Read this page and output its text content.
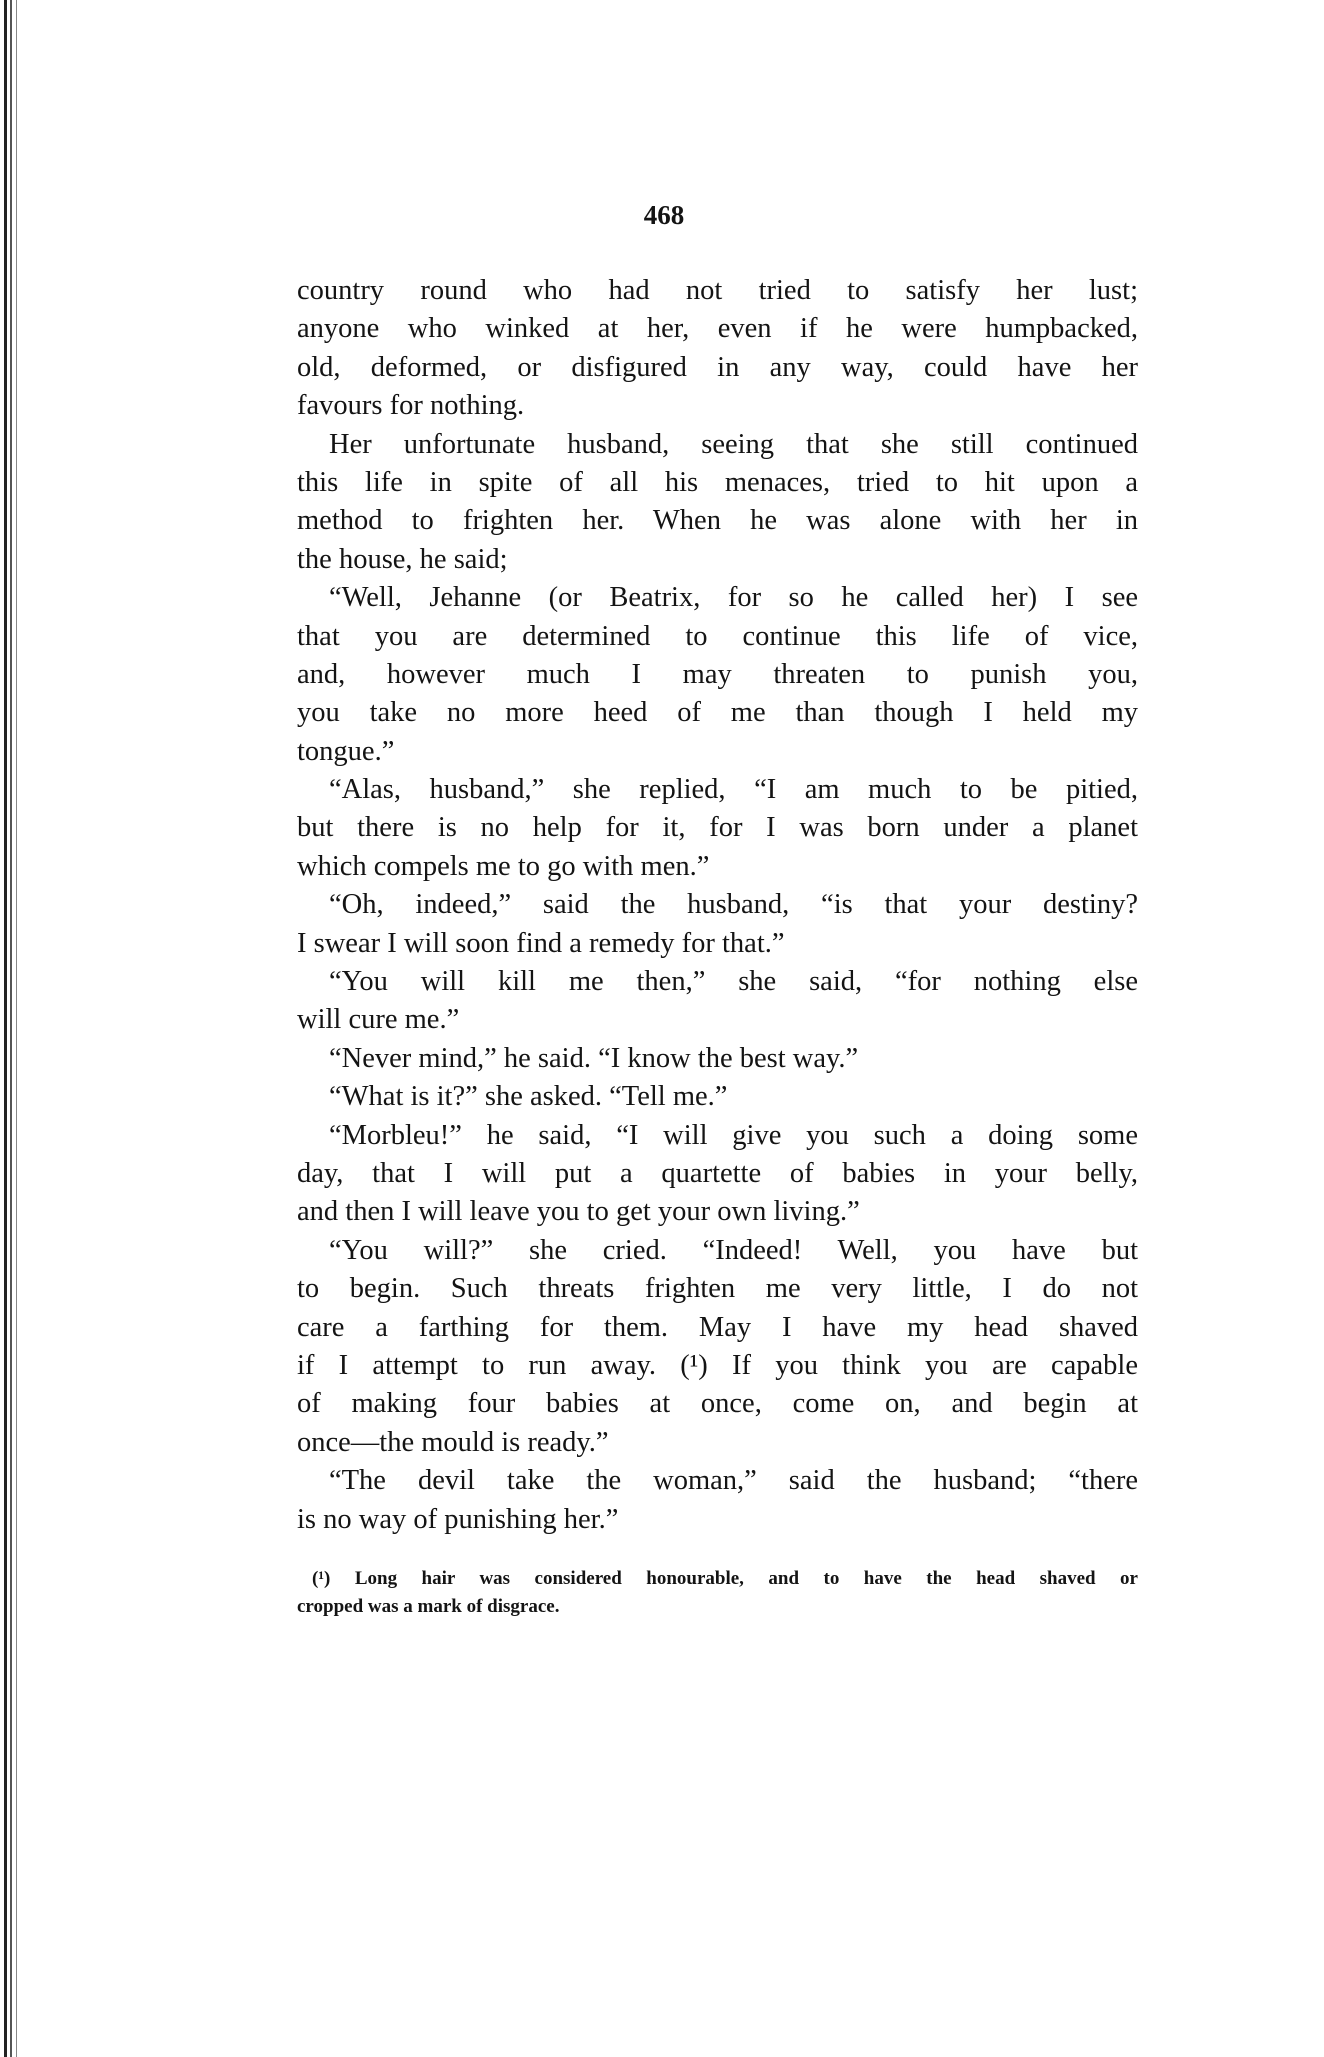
468
country round who had not tried to satisfy her lust;
anyone who winked at her, even if he were humpbacked,
old, deformed, or disfigured in any way, could have her
favours for nothing.
Her unfortunate husband, seeing that she still continued
this life in spite of all his menaces, tried to hit upon a
method to frighten her. When he was alone with her in
the house, he said;
“Well, Jehanne (or Beatrix, for so he called her) I see
that you are determined to continue this life of vice,
and, however much I may threaten to punish you,
you take no more heed of me than though I held my
tongue.”
“Alas, husband,” she replied, “I am much to be pitied,
but there is no help for it, for I was born under a planet
which compels me to go with men.”
“Oh, indeed,” said the husband, “is that your destiny?
I swear I will soon find a remedy for that.”
“You will kill me then,” she said, “for nothing else
will cure me.”
“Never mind,” he said. “I know the best way.”
“What is it?” she asked. “Tell me.”
“Morbleu!” he said, “I will give you such a doing some
day, that I will put a quartette of babies in your belly,
and then I will leave you to get your own living.”
“You will?” she cried. “Indeed! Well, you have but
to begin. Such threats frighten me very little, I do not
care a farthing for them. May I have my head shaved
if I attempt to run away. (¹) If you think you are capable
of making four babies at once, come on, and begin at
once—the mould is ready.”
“The devil take the woman,” said the husband; “there
is no way of punishing her.”
(¹) Long hair was considered honourable, and to have the head shaved or
cropped was a mark of disgrace.
